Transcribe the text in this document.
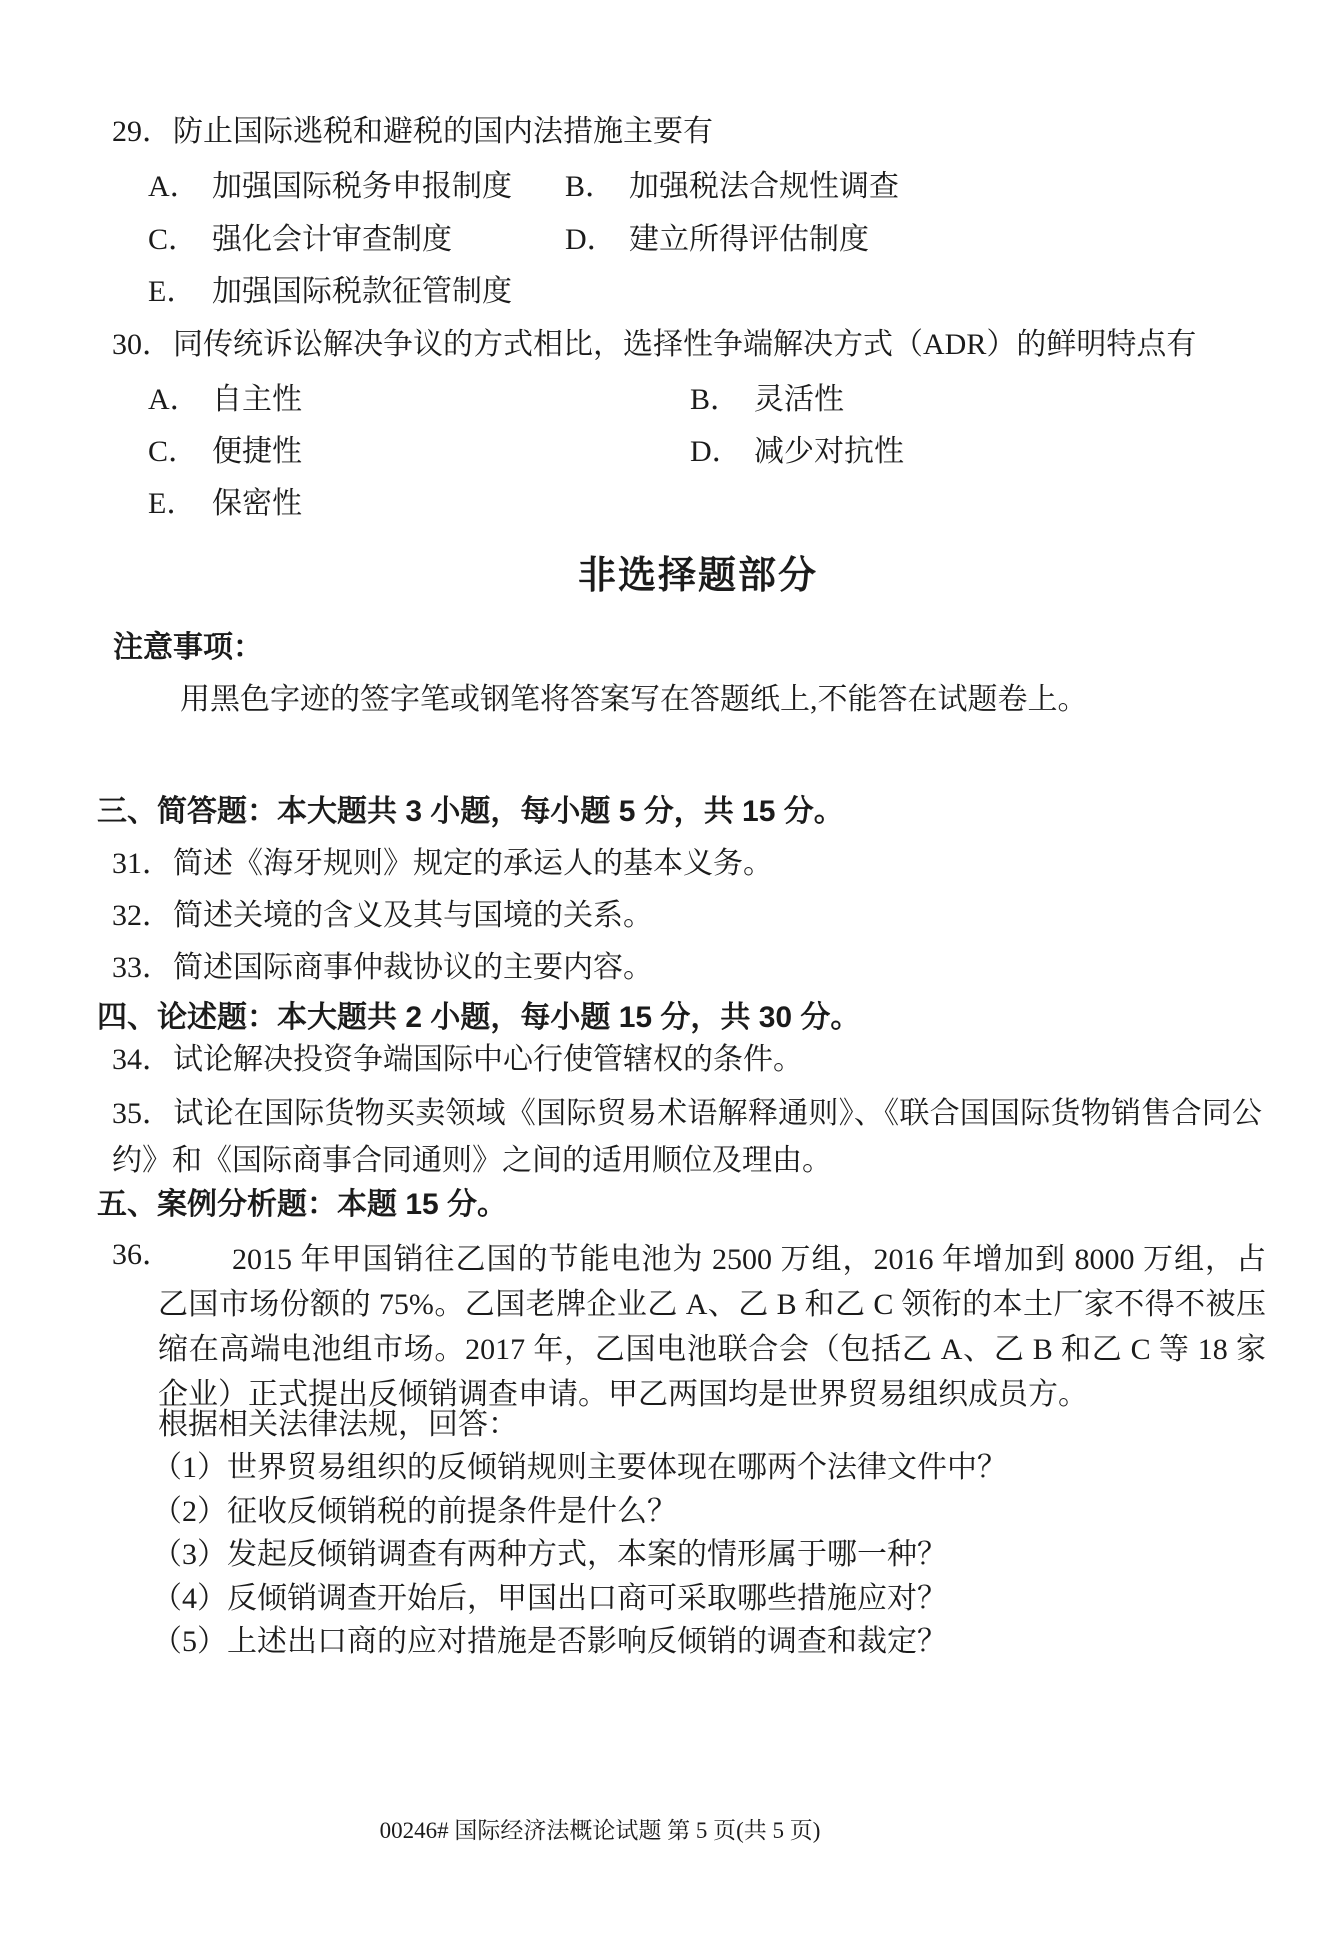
29．防止国际逃税和避税的国内法措施主要有
A． 加强国际税务申报制度 B． 加强税法合规性调查
C． 强化会计审查制度	D． 建立所得评估制度
E． 加强国际税款征管制度
30．同传统诉讼解决争议的方式相比，选择性争端解决方式（ADR）的鲜明特点有
A． 自主性	B． 灵活性
C． 便捷性	D． 减少对抗性
E． 保密性
非选择题部分
注意事项：
用黑色字迹的签字笔或钢笔将答案写在答题纸上,不能答在试题卷上。
三、简答题：本大题共 3 小题，每小题 5 分，共 15 分。
31．简述《海牙规则》规定的承运人的基本义务。
32．简述关境的含义及其与国境的关系。
33．简述国际商事仲裁协议的主要内容。
四、论述题：本大题共 2 小题，每小题 15 分，共 30 分。
34．试论解决投资争端国际中心行使管辖权的条件。
35．试论在国际货物买卖领域《国际贸易术语解释通则》、《联合国国际货物销售合同公约》和《国际商事合同通则》之间的适用顺位及理由。
五、案例分析题：本题 15 分。
36．	2015 年甲国销往乙国的节能电池为 2500 万组，2016 年增加到 8000 万组，占乙国市场份额的 75%。乙国老牌企业乙 A、乙 B 和乙 C 领衔的本土厂家不得不被压缩在高端电池组市场。2017 年，乙国电池联合会（包括乙 A、乙 B 和乙 C 等 18 家企业）正式提出反倾销调查申请。甲乙两国均是世界贸易组织成员方。
根据相关法律法规，回答：
（1）世界贸易组织的反倾销规则主要体现在哪两个法律文件中？
（2）征收反倾销税的前提条件是什么？
（3）发起反倾销调查有两种方式，本案的情形属于哪一种？
（4）反倾销调查开始后，甲国出口商可采取哪些措施应对？
（5）上述出口商的应对措施是否影响反倾销的调查和裁定？
00246# 国际经济法概论试题 第 5 页(共 5 页)
